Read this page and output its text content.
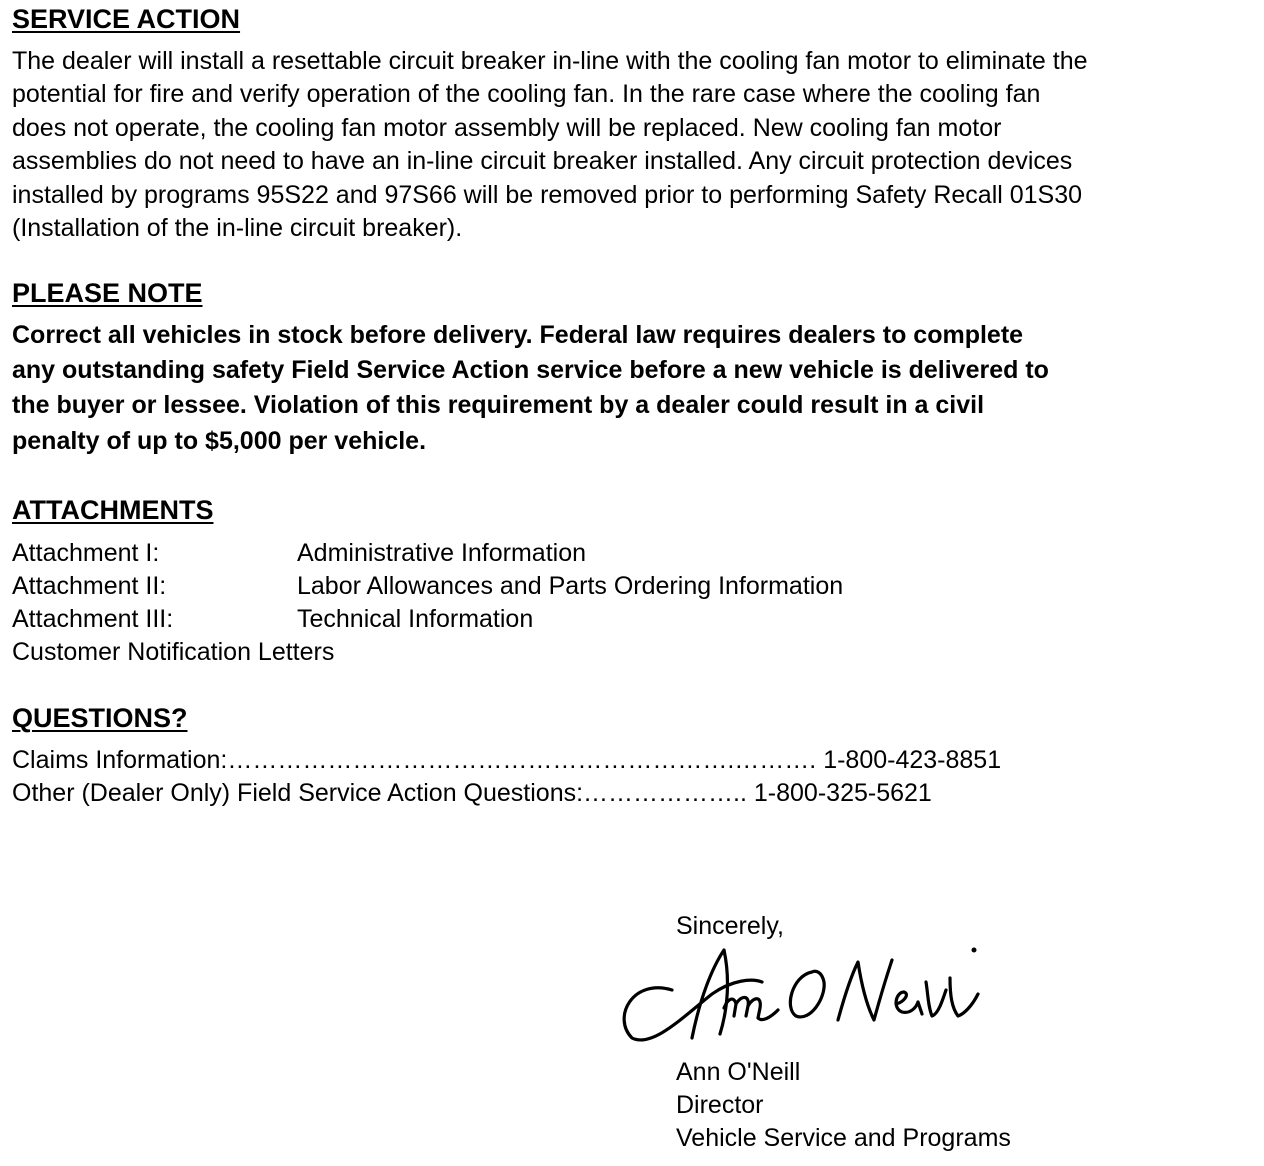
SERVICE ACTION

The dealer will install a resettable circuit breaker in-line with the cooling fan motor to eliminate the
potential for fire and verify operation of the cooling fan. In the rare case where the cooling fan
does not operate, the cooling fan motor assembly will be replaced. New cooling fan motor
assemblies do not need to have an in-line circuit breaker installed. Any circuit protection devices
installed by programs 95S22 and 97S66 will be removed prior to performing Safety Recall 01S30
(Installation of the in-line circuit breaker).

PLEASE NOTE

Correct all vehicles in stock before delivery. Federal law requires dealers to complete
any outstanding safety Field Service Action service before a new vehicle is delivered to
the buyer or lessee. Violation of this requirement by a dealer could result in a civil
penalty of up to $5,000 per vehicle.

ATTACHMENTS
Attachment I:	Administrative Information
Attachment II:	Labor Allowances and Parts Ordering Information
Attachment III:	Technical Information
Customer Notification Letters
QUESTIONS?
Claims Information:…………………………………………………….………. 1-800-423-8851
Other (Dealer Only) Field Service Action Questions:……………….. 1-800-325-5621
Sincerely,
Ann O'Neill
Director
Vehicle Service and Programs
